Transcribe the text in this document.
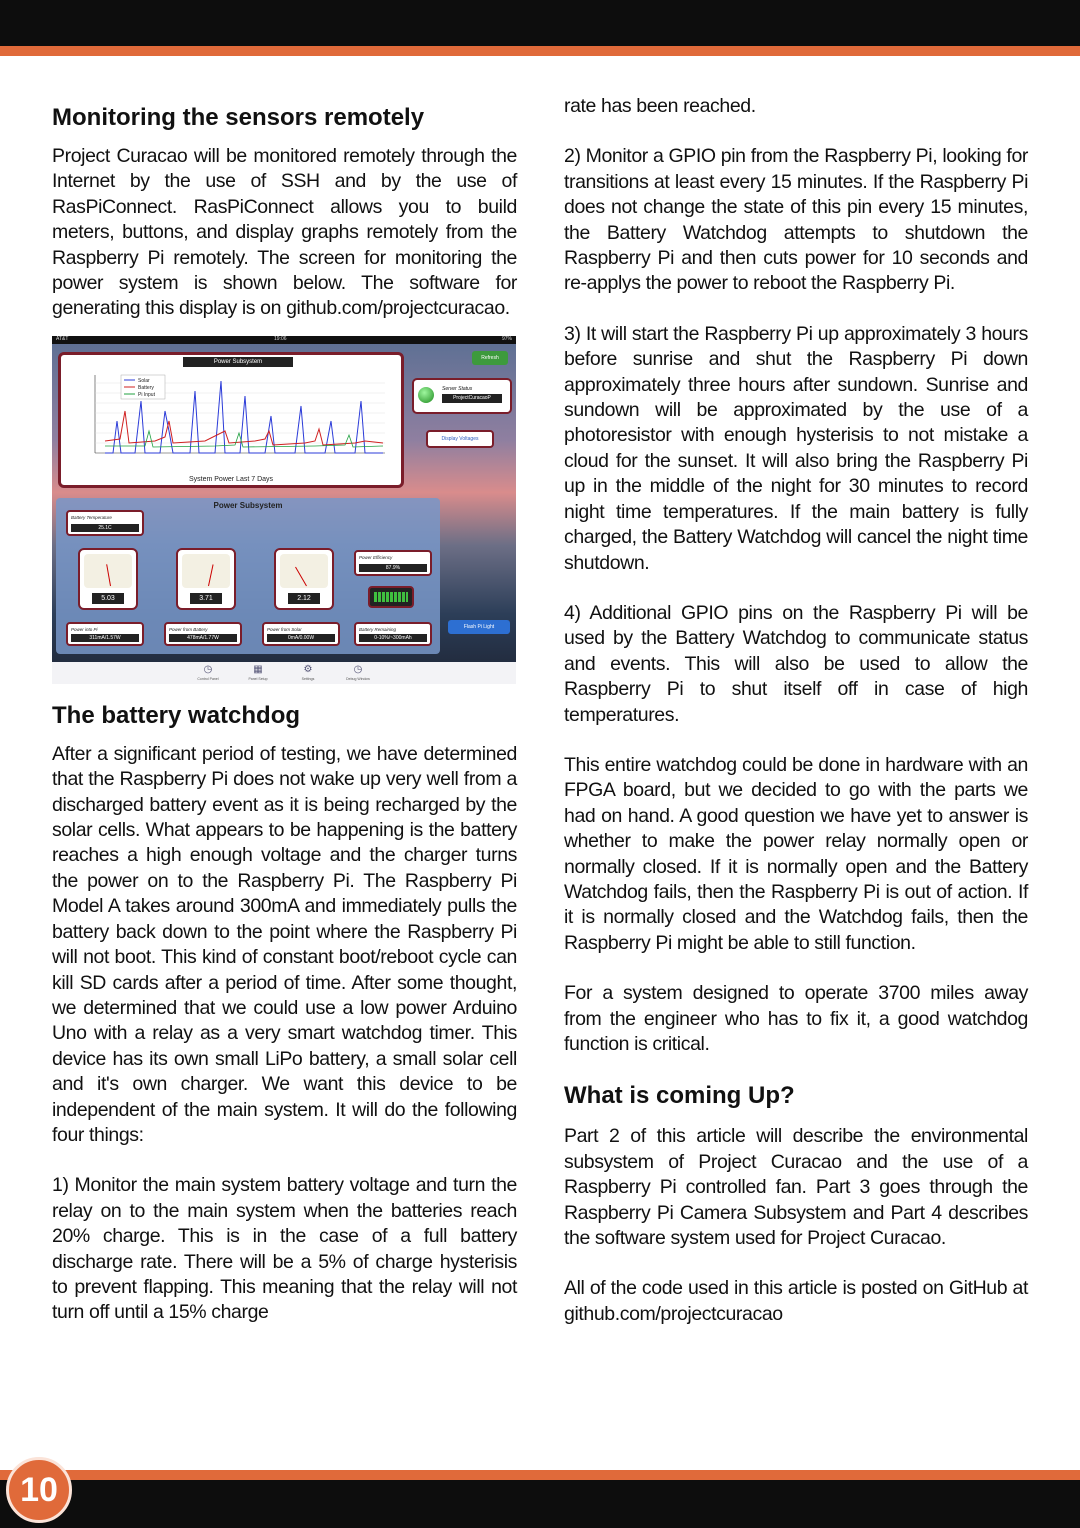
Monitoring the sensors remotely

Project Curacao will be monitored remotely through the Internet by the use of SSH and by the use of RasPiConnect. RasPiConnect allows you to build meters, buttons, and display graphs remotely from the Raspberry Pi remotely. The screen for monitoring the power system is shown below. The software for generating this display is on github.com/projectcuracao.

AT&T	19:06	97%
Power Subsystem
Solar
Battery
Pi Input
System Power Last 7 Days
Refresh
Server Status
ProjectCuracaoP
Display Voltages
Power Subsystem
Battery Temperature
25.1C
5.03	3.71	2.12
Power Efficiency
87.9%
Power into Pi
311mA/1.57W
Power from Battery
478mA/1.77W
Power from Solar
0mA/0.00W
Battery Remaining
0-10%/~300mAh
Flash Pi Light
◷
Control Panel
▦
Panel Setup
⚙
Settings
◷
Debug Window
The battery watchdog

After a significant period of testing, we have determined that the Raspberry Pi does not wake up very well from a discharged battery event as it is being recharged by the solar cells. What appears to be happening is the battery reaches a high enough voltage and the charger turns the power on to the Raspberry Pi. The Raspberry Pi Model A takes around 300mA and immediately pulls the battery back down to the point where the Raspberry Pi will not boot. This kind of constant boot/reboot cycle can kill SD cards after a period of time. After some thought, we determined that we could use a low power Arduino Uno with a relay as a very smart watchdog timer. This device has its own small LiPo battery, a small solar cell and it's own charger. We want this device to be independent of the main system. It will do the following four things:

1) Monitor the main system battery voltage and turn the relay on to the main system when the batteries reach 20% charge. This is in the case of a full battery discharge rate. There will be a 5% of charge hysterisis to prevent flapping. This meaning that the relay will not turn off until a 15% charge

rate has been reached.

2) Monitor a GPIO pin from the Raspberry Pi, looking for transitions at least every 15 minutes. If the Raspberry Pi does not change the state of this pin every 15 minutes, the Battery Watchdog attempts to shutdown the Raspberry Pi and then cuts power for 10 seconds and re-applys the power to reboot the Raspberry Pi.

3) It will start the Raspberry Pi up approximately 3 hours before sunrise and shut the Raspberry Pi down approximately three hours after sundown. Sunrise and sundown will be approximated by the use of a photoresistor with enough hysterisis to not mistake a cloud for the sunset. It will also bring the Raspberry Pi up in the middle of the night for 30 minutes to record night time temperatures. If the main battery is fully charged, the Battery Watchdog will cancel the night time shutdown.

4) Additional GPIO pins on the Raspberry Pi will be used by the Battery Watchdog to communicate status and events. This will also be used to allow the Raspberry Pi to shut itself off in case of high temperatures.

This entire watchdog could be done in hardware with an FPGA board, but we decided to go with the parts we had on hand. A good question we have yet to answer is whether to make the power relay normally open or normally closed. If it is normally open and the Battery Watchdog fails, then the Raspberry Pi is out of action. If it is normally closed and the Watchdog fails, then the Raspberry Pi might be able to still function.

For a system designed to operate 3700 miles away from the engineer who has to fix it, a good watchdog function is critical.

What is coming Up?

Part 2 of this article will describe the environmental subsystem of Project Curacao and the use of a Raspberry Pi controlled fan. Part 3 goes through the Raspberry Pi Camera Subsystem and Part 4 describes the software system used for Project Curacao.

All of the code used in this article is posted on GitHub at github.com/projectcuracao

10
